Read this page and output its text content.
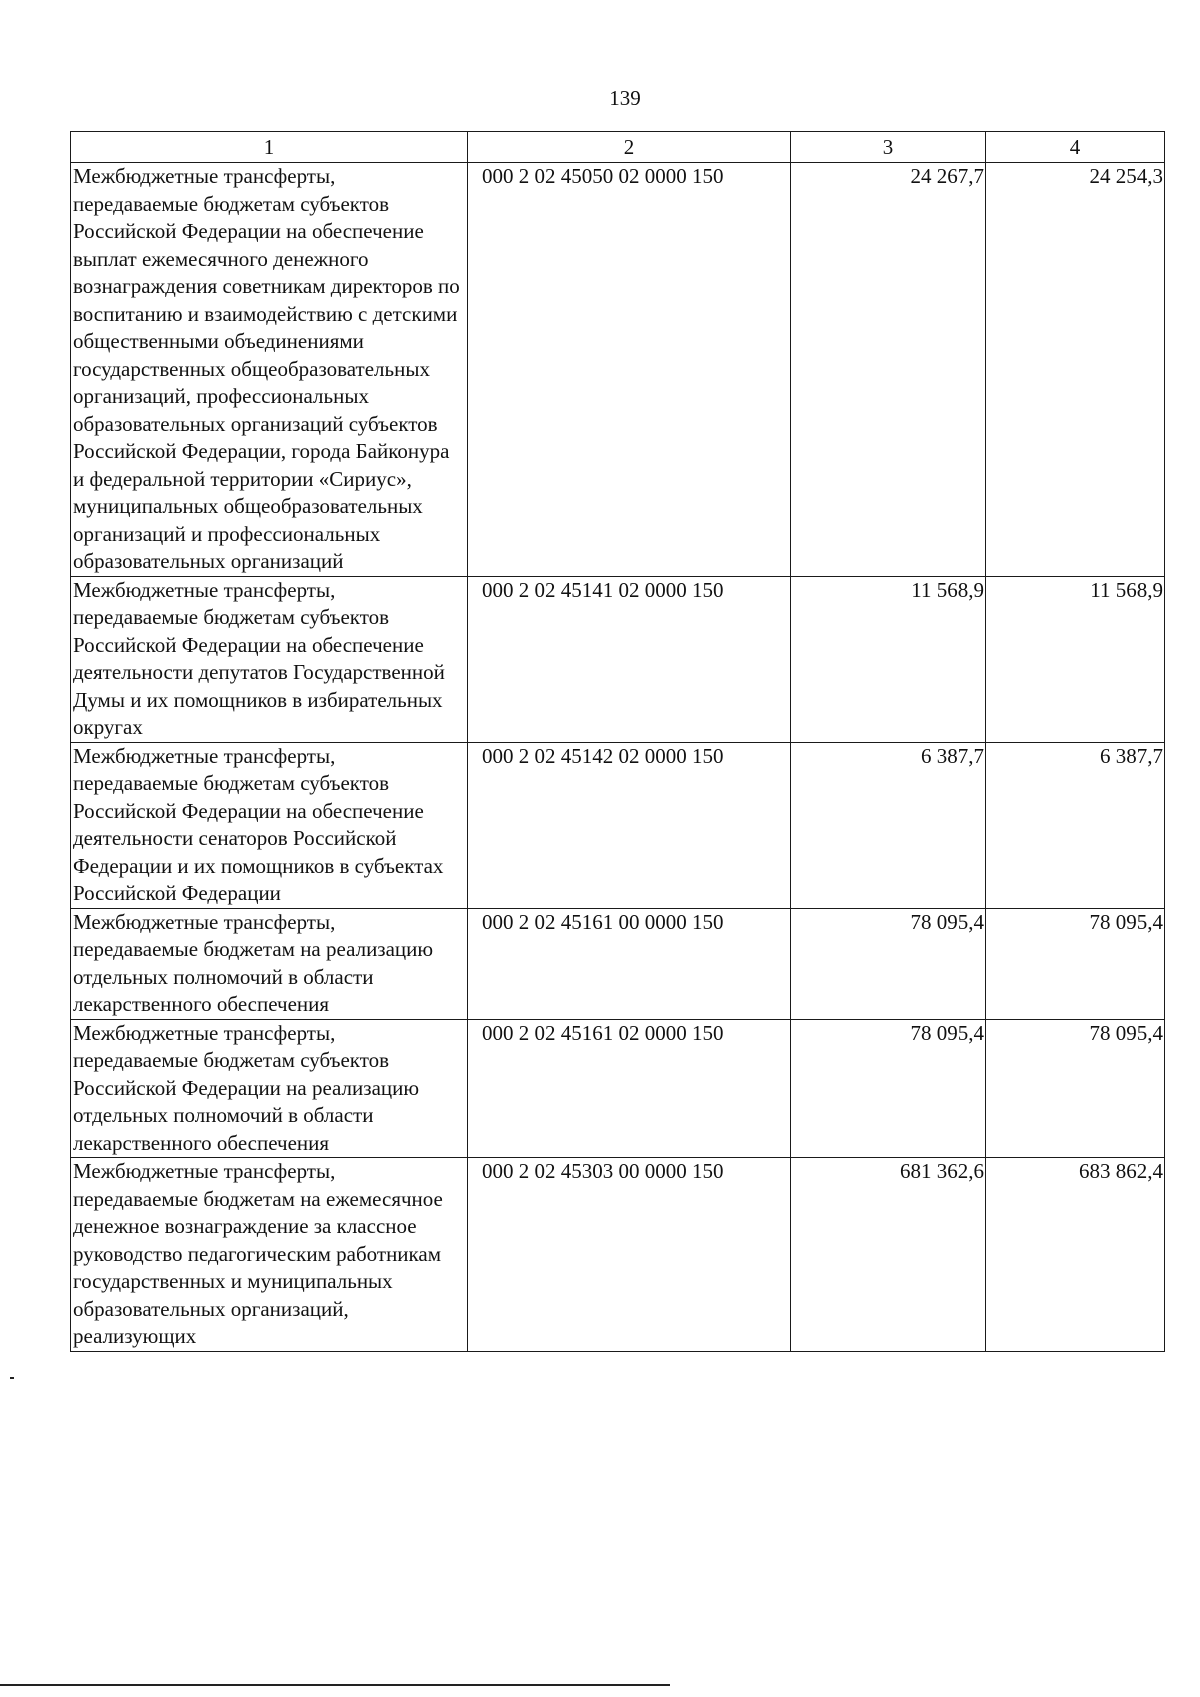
139
1	2	3	4
Межбюджетные трансферты, передаваемые бюджетам субъектов Российской Федерации на обеспечение выплат ежемесячного денежного вознаграждения советникам директоров по воспитанию и взаимодействию с детскими общественными объединениями государственных общеобразовательных организаций, профессиональных образовательных организаций субъектов Российской Федерации, города Байконура и федеральной территории «Сириус», муниципальных общеобразовательных организаций и профессиональных образовательных организаций	000 2 02 45050 02 0000 150	24 267,7	24 254,3
Межбюджетные трансферты, передаваемые бюджетам субъектов Российской Федерации на обеспечение деятельности депутатов Государственной Думы и их помощников в избирательных округах	000 2 02 45141 02 0000 150	11 568,9	11 568,9
Межбюджетные трансферты, передаваемые бюджетам субъектов Российской Федерации на обеспечение деятельности сенаторов Российской Федерации и их помощников в субъектах Российской Федерации	000 2 02 45142 02 0000 150	6 387,7	6 387,7
Межбюджетные трансферты, передаваемые бюджетам на реализацию отдельных полномочий в области лекарственного обеспечения	000 2 02 45161 00 0000 150	78 095,4	78 095,4
Межбюджетные трансферты, передаваемые бюджетам субъектов Российской Федерации на реализацию отдельных полномочий в области лекарственного обеспечения	000 2 02 45161 02 0000 150	78 095,4	78 095,4
Межбюджетные трансферты, передаваемые бюджетам на ежемесячное денежное вознаграждение за классное руководство педагогическим работникам государственных и муниципальных образовательных организаций, реализующих	000 2 02 45303 00 0000 150	681 362,6	683 862,4
